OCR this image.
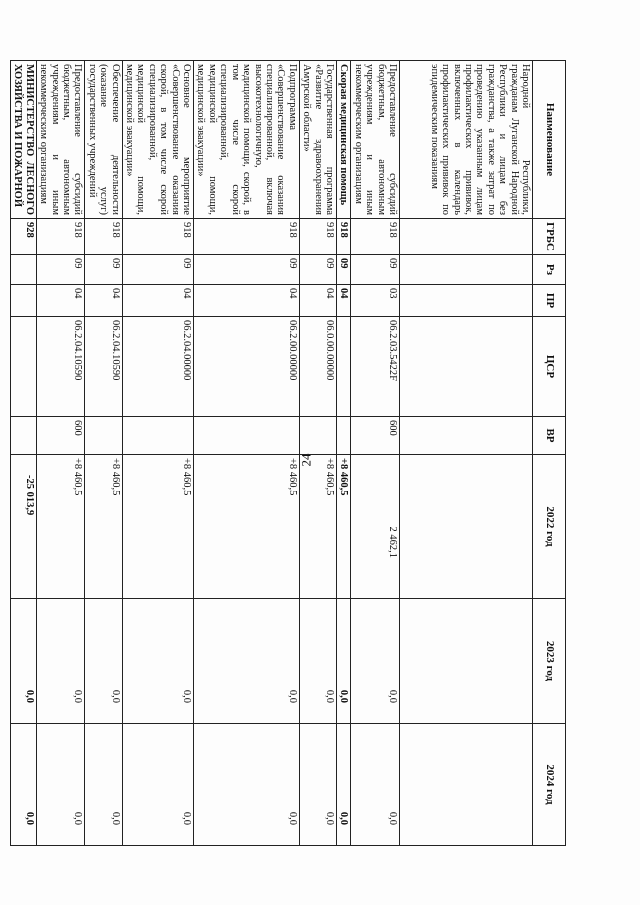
24
Наименование	ГРБС	Рз	ПР	ЦСР	ВР	2022 год	2023 год	2024 год
Народной Республики, гражданам Луганской Народной Республики и лицам без гражданства, а также затрат по проведению указанным лицам профилактических прививок, включенных в календарь профилактических прививок по эпидемическим показаниям								
Предоставление субсидий бюджетным, автономным учреждениям и иным некоммерческим организациям	918	09	03	06.2.03.5422F	600	2 462,1	0,0	0,0
Скорая медицинская помощь	918	09	04			+8 460,5	0,0	0,0
Государственная программа «Развитие здравоохранения Амурской области»	918	09	04	06.0.00.00000		+8 460,5	0,0	0,0
Подпрограмма «Совершенствование оказания специализированной, включая высокотехнологичную, медицинской помощи, скорой, в том числе скорой специализированной, медицинской помощи, медицинской эвакуации»	918	09	04	06.2.00.00000		+8 460,5	0,0	0,0
Основное мероприятие «Совершенствование оказания скорой, в том числе скорой специализированной, медицинской помощи, медицинской эвакуации»	918	09	04	06.2.04.00000		+8 460,5	0,0	0,0
Обеспечение деятельности (оказание услуг) государственных учреждений	918	09	04	06.2.04.10590		+8 460,5	0,0	0,0
Предоставление субсидий бюджетным, автономным учреждениям и иным некоммерческим организациям	918	09	04	06.2.04.10590	600	+8 460,5	0,0	0,0
МИНИСТЕРСТВО ЛЕСНОГО ХОЗЯЙСТВА И ПОЖАРНОЙ	928					-25 013,9	0,0	0,0
